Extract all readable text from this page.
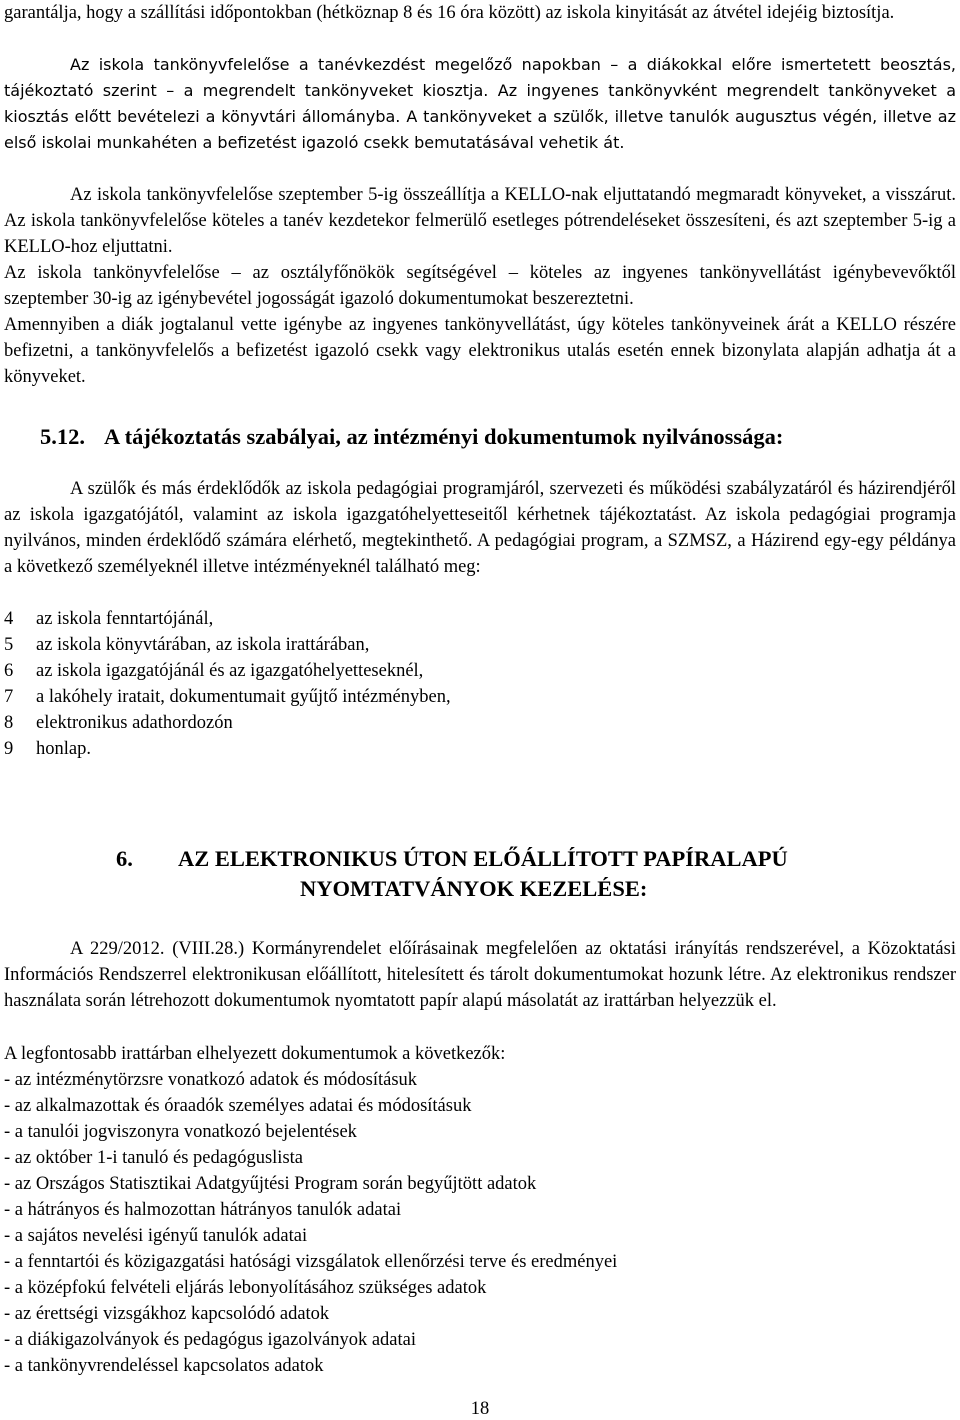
garantálja, hogy a szállítási időpontokban (hétköznap 8 és 16 óra között) az iskola kinyitását az átvétel idejéig biztosítja.

Az iskola tankönyvfelelőse a tanévkezdést megelőző napokban – a diákokkal előre ismertetett beosztás, tájékoztató szerint – a megrendelt tankönyveket kiosztja. Az ingyenes tankönyvként megrendelt tankönyveket a kiosztás előtt bevételezi a könyvtári állományba. A tankönyveket a szülők, illetve tanulók augusztus végén, illetve az első iskolai munkahéten a befizetést igazoló csekk bemutatásával vehetik át.

Az iskola tankönyvfelelőse szeptember 5-ig összeállítja a KELLO-nak eljuttatandó megmaradt könyveket, a visszárut. Az iskola tankönyvfelelőse köteles a tanév kezdetekor felmerülő esetleges pótrendeléseket összesíteni, és azt szeptember 5-ig a KELLO-hoz eljuttatni.

Az iskola tankönyvfelelőse – az osztályfőnökök segítségével – köteles az ingyenes tankönyvellátást igénybevevőktől szeptember 30-ig az igénybevétel jogosságát igazoló dokumentumokat beszereztetni.

Amennyiben a diák jogtalanul vette igénybe az ingyenes tankönyvellátást, úgy köteles tankönyveinek árát a KELLO részére befizetni, a tankönyvfelelős a befizetést igazoló csekk vagy elektronikus utalás esetén ennek bizonylata alapján adhatja át a könyveket.

5.12. A tájékoztatás szabályai, az intézményi dokumentumok nyilvánossága:

A szülők és más érdeklődők az iskola pedagógiai programjáról, szervezeti és működési szabályzatáról és házirendjéről az iskola igazgatójától, valamint az iskola igazgatóhelyetteseitől kérhetnek tájékoztatást. Az iskola pedagógiai programja nyilvános, minden érdeklődő számára elérhető, megtekinthető. A pedagógiai program, a SZMSZ, a Házirend egy-egy példánya a következő személyeknél illetve intézményeknél található meg:

4 az iskola fenntartójánál,
5 az iskola könyvtárában, az iskola irattárában,
6 az iskola igazgatójánál és az igazgatóhelyetteseknél,
7 a lakóhely iratait, dokumentumait gyűjtő intézményben,
8 elektronikus adathordozón
9 honlap.
6. AZ ELEKTRONIKUS ÚTON ELŐÁLLÍTOTT PAPÍRALAPÚ
NYOMTATVÁNYOK KEZELÉSE:

A 229/2012. (VIII.28.) Kormányrendelet előírásainak megfelelően az oktatási irányítás rendszerével, a Közoktatási Információs Rendszerrel elektronikusan előállított, hitelesített és tárolt dokumentumokat hozunk létre. Az elektronikus rendszer használata során létrehozott dokumentumok nyomtatott papír alapú másolatát az irattárban helyezzük el.

A legfontosabb irattárban elhelyezett dokumentumok a következők:

- az intézménytörzsre vonatkozó adatok és módosításuk
- az alkalmazottak és óraadók személyes adatai és módosításuk
- a tanulói jogviszonyra vonatkozó bejelentések
- az október 1-i tanuló és pedagóguslista
- az Országos Statisztikai Adatgyűjtési Program során begyűjtött adatok
- a hátrányos és halmozottan hátrányos tanulók adatai
- a sajátos nevelési igényű tanulók adatai
- a fenntartói és közigazgatási hatósági vizsgálatok ellenőrzési terve és eredményei
- a középfokú felvételi eljárás lebonyolításához szükséges adatok
- az érettségi vizsgákhoz kapcsolódó adatok
- a diákigazolványok és pedagógus igazolványok adatai
- a tankönyvrendeléssel kapcsolatos adatok
18
